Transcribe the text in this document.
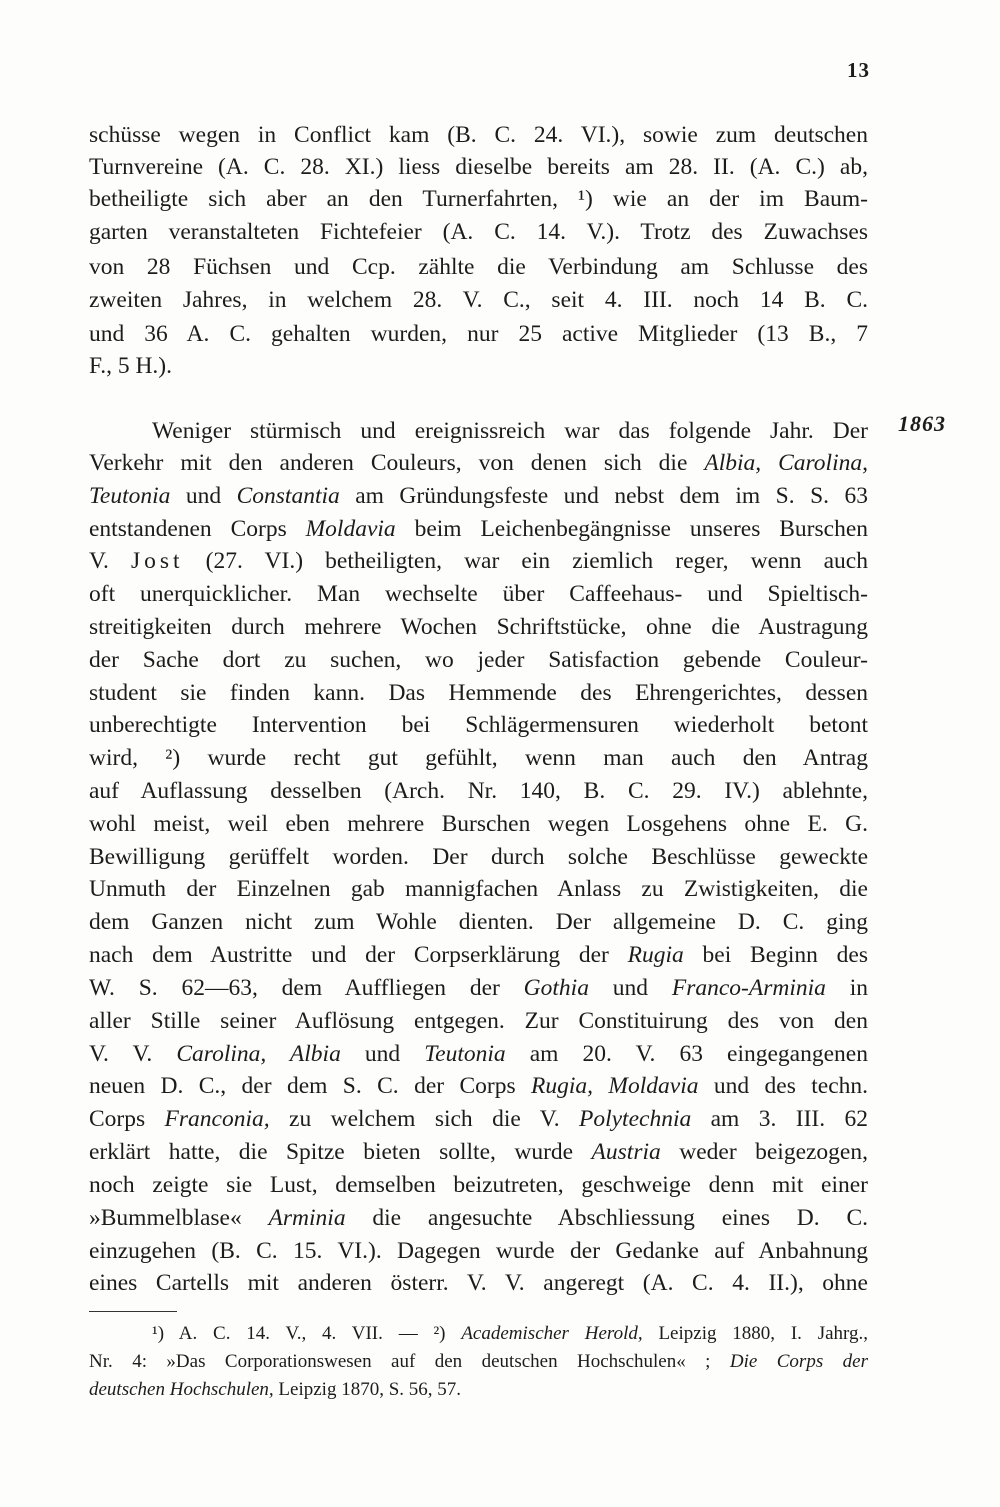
13
schüsse wegen in Conflict kam (B. C. 24. VI.), sowie zum deutschen
Turnvereine (A. C. 28. XI.) liess dieselbe bereits am 28. II. (A. C.) ab,
betheiligte sich aber an den Turnerfahrten, ¹) wie an der im Baum-
garten veranstalteten Fichtefeier (A. C. 14. V.). Trotz des Zuwachses
von 28 Füchsen und Ccp. zählte die Verbindung am Schlusse des
zweiten Jahres, in welchem 28. V. C., seit 4. III. noch 14 B. C.
und 36 A. C. gehalten wurden, nur 25 active Mitglieder (13 B., 7
F., 5 H.).
1863
Weniger stürmisch und ereignissreich war das folgende Jahr. Der
Verkehr mit den anderen Couleurs, von denen sich die Albia, Carolina,
Teutonia und Constantia am Gründungsfeste und nebst dem im S. S. 63
entstandenen Corps Moldavia beim Leichenbegängnisse unseres Burschen
V. Jost (27. VI.) betheiligten, war ein ziemlich reger, wenn auch
oft unerquicklicher. Man wechselte über Caffeehaus- und Spieltisch-
streitigkeiten durch mehrere Wochen Schriftstücke, ohne die Austragung
der Sache dort zu suchen, wo jeder Satisfaction gebende Couleur-
student sie finden kann. Das Hemmende des Ehrengerichtes, dessen
unberechtigte Intervention bei Schlägermensuren wiederholt betont
wird, ²) wurde recht gut gefühlt, wenn man auch den Antrag
auf Auflassung desselben (Arch. Nr. 140, B. C. 29. IV.) ablehnte,
wohl meist, weil eben mehrere Burschen wegen Losgehens ohne E. G.
Bewilligung gerüffelt worden. Der durch solche Beschlüsse geweckte
Unmuth der Einzelnen gab mannigfachen Anlass zu Zwistigkeiten, die
dem Ganzen nicht zum Wohle dienten. Der allgemeine D. C. ging
nach dem Austritte und der Corpserklärung der Rugia bei Beginn des
W. S. 62—63, dem Auffliegen der Gothia und Franco-Arminia in
aller Stille seiner Auflösung entgegen. Zur Constituirung des von den
V. V. Carolina, Albia und Teutonia am 20. V. 63 eingegangenen
neuen D. C., der dem S. C. der Corps Rugia, Moldavia und des techn.
Corps Franconia, zu welchem sich die V. Polytechnia am 3. III. 62
erklärt hatte, die Spitze bieten sollte, wurde Austria weder beigezogen,
noch zeigte sie Lust, demselben beizutreten, geschweige denn mit einer
»Bummelblase« Arminia die angesuchte Abschliessung eines D. C.
einzugehen (B. C. 15. VI.). Dagegen wurde der Gedanke auf Anbahnung
eines Cartells mit anderen österr. V. V. angeregt (A. C. 4. II.), ohne
¹) A. C. 14. V., 4. VII. — ²) Academischer Herold, Leipzig 1880, I. Jahrg.,
Nr. 4: »Das Corporationswesen auf den deutschen Hochschulen« ; Die Corps der
deutschen Hochschulen, Leipzig 1870, S. 56, 57.
